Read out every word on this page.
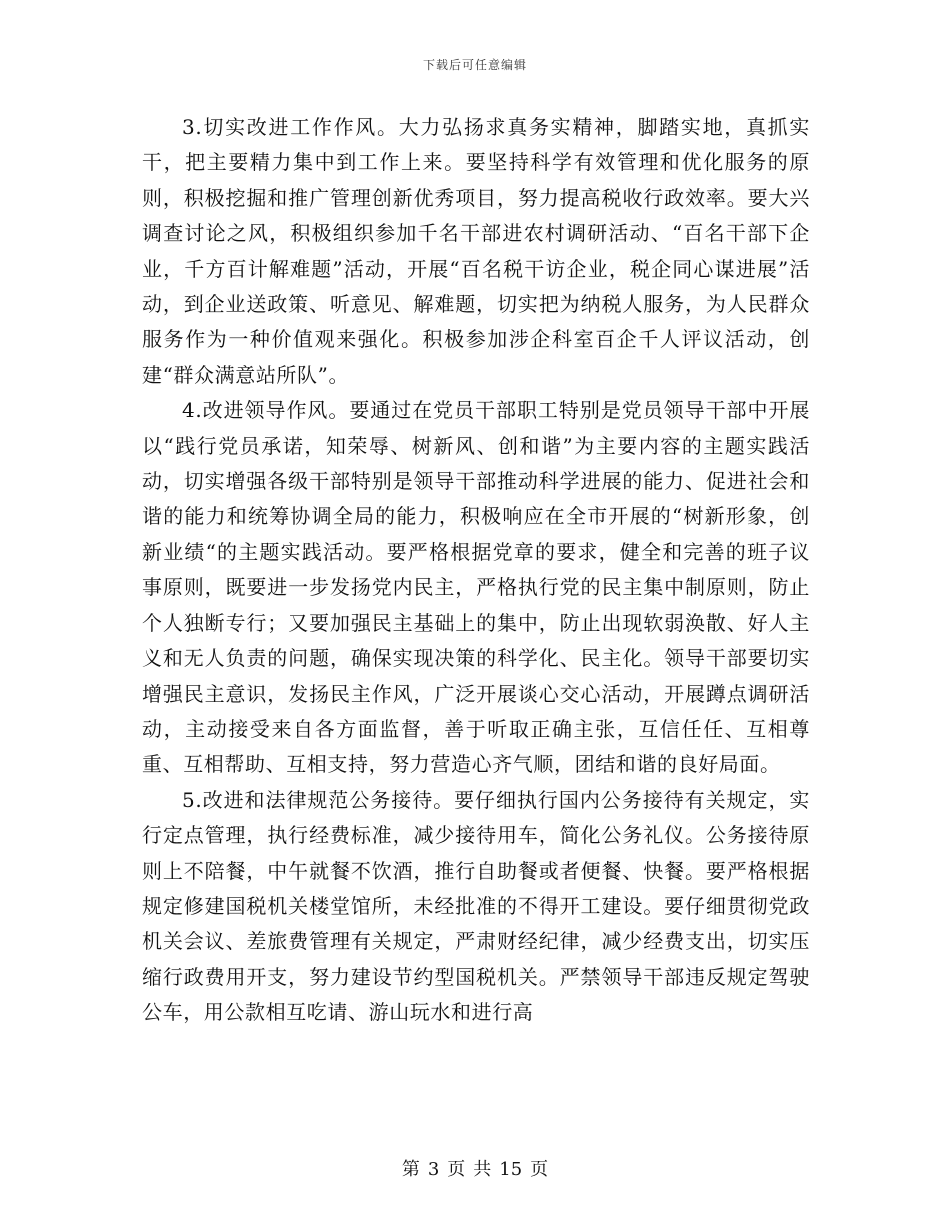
下载后可任意编辑

3.切实改进工作作风。大力弘扬求真务实精神，脚踏实地，真抓实干，把主要精力集中到工作上来。要坚持科学有效管理和优化服务的原则，积极挖掘和推广管理创新优秀项目，努力提高税收行政效率。要大兴调查讨论之风，积极组织参加千名干部进农村调研活动、“百名干部下企业，千方百计解难题”活动，开展“百名税干访企业，税企同心谋进展”活动，到企业送政策、听意见、解难题，切实把为纳税人服务，为人民群众服务作为一种价值观来强化。积极参加涉企科室百企千人评议活动，创建“群众满意站所队”。

4.改进领导作风。要通过在党员干部职工特别是党员领导干部中开展以“践行党员承诺，知荣辱、树新风、创和谐”为主要内容的主题实践活动，切实增强各级干部特别是领导干部推动科学进展的能力、促进社会和谐的能力和统筹协调全局的能力，积极响应在全市开展的“树新形象，创新业绩“的主题实践活动。要严格根据党章的要求，健全和完善的班子议事原则，既要进一步发扬党内民主，严格执行党的民主集中制原则，防止个人独断专行；又要加强民主基础上的集中，防止出现软弱涣散、好人主义和无人负责的问题，确保实现决策的科学化、民主化。领导干部要切实增强民主意识，发扬民主作风，广泛开展谈心交心活动，开展蹲点调研活动，主动接受来自各方面监督，善于听取正确主张，互信任任、互相尊重、互相帮助、互相支持，努力营造心齐气顺，团结和谐的良好局面。

5.改进和法律规范公务接待。要仔细执行国内公务接待有关规定，实行定点管理，执行经费标准，减少接待用车，简化公务礼仪。公务接待原则上不陪餐，中午就餐不饮酒，推行自助餐或者便餐、快餐。要严格根据规定修建国税机关楼堂馆所，未经批准的不得开工建设。要仔细贯彻党政机关会议、差旅费管理有关规定，严肃财经纪律，减少经费支出，切实压缩行政费用开支，努力建设节约型国税机关。严禁领导干部违反规定驾驶公车，用公款相互吃请、游山玩水和进行高

第 3 页 共 15 页
